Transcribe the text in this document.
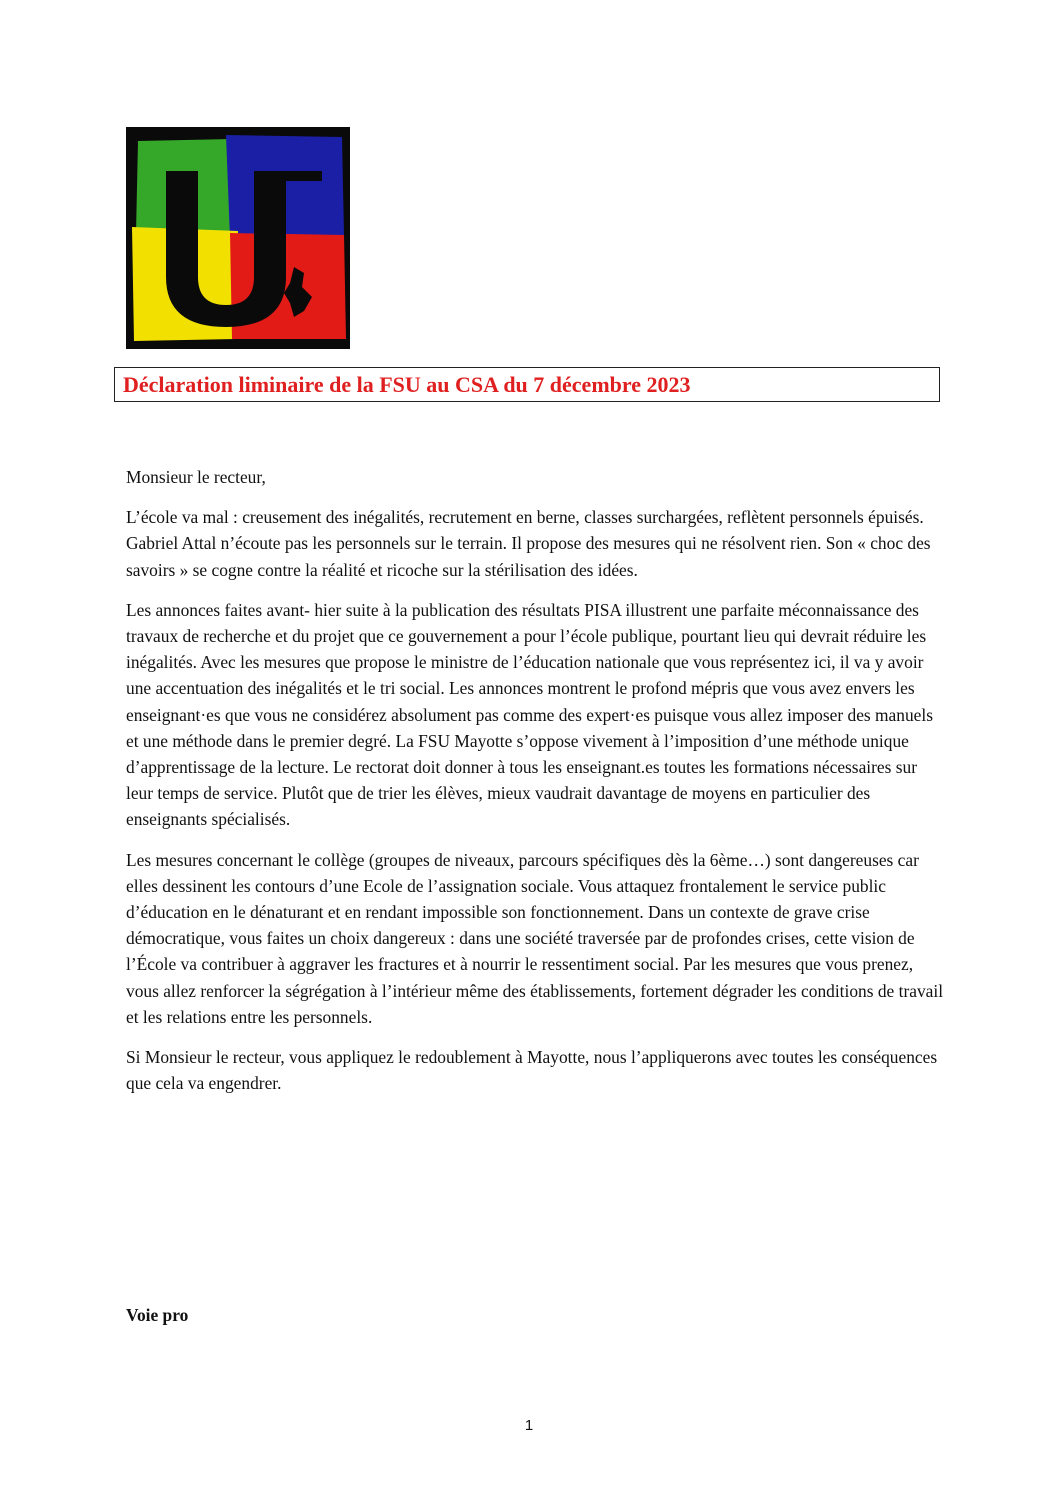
Mayotte
Déclaration liminaire de la FSU au CSA du 7 décembre 2023

Monsieur le recteur,

L’école va mal : creusement des inégalités, recrutement en berne, classes surchargées, reflètent personnels épuisés. Gabriel Attal n’écoute pas les personnels sur le terrain. Il propose des mesures qui ne résolvent rien. Son « choc des savoirs » se cogne contre la réalité et ricoche sur la stérilisation des idées.

Les annonces faites avant- hier suite à la publication des résultats PISA illustrent une parfaite méconnaissance des travaux de recherche et du projet que ce gouvernement a pour l’école publique, pourtant lieu qui devrait réduire les inégalités. Avec les mesures que propose le ministre de l’éducation nationale que vous représentez ici, il va y avoir une accentuation des inégalités et le tri social. Les annonces montrent le profond mépris que vous avez envers les enseignant·es que vous ne considérez absolument pas comme des expert·es puisque vous allez imposer des manuels et une méthode dans le premier degré. La FSU Mayotte s’oppose vivement à l’imposition d’une méthode unique d’apprentissage de la lecture. Le rectorat doit donner à tous les enseignant.es toutes les formations nécessaires sur leur temps de service. Plutôt que de trier les élèves, mieux vaudrait davantage de moyens en particulier des enseignants spécialisés.

Les mesures concernant le collège (groupes de niveaux, parcours spécifiques dès la 6ème…) sont dangereuses car elles dessinent les contours d’une Ecole de l’assignation sociale. Vous attaquez frontalement le service public d’éducation en le dénaturant et en rendant impossible son fonctionnement. Dans un contexte de grave crise démocratique, vous faites un choix dangereux : dans une société traversée par de profondes crises, cette vision de l’École va contribuer à aggraver les fractures et à nourrir le ressentiment social. Par les mesures que vous prenez, vous allez renforcer la ségrégation à l’intérieur même des établissements, fortement dégrader les conditions de travail et les relations entre les personnels.

Si Monsieur le recteur, vous appliquez le redoublement à Mayotte, nous l’appliquerons avec toutes les conséquences que cela va engendrer.

Voie pro
1
